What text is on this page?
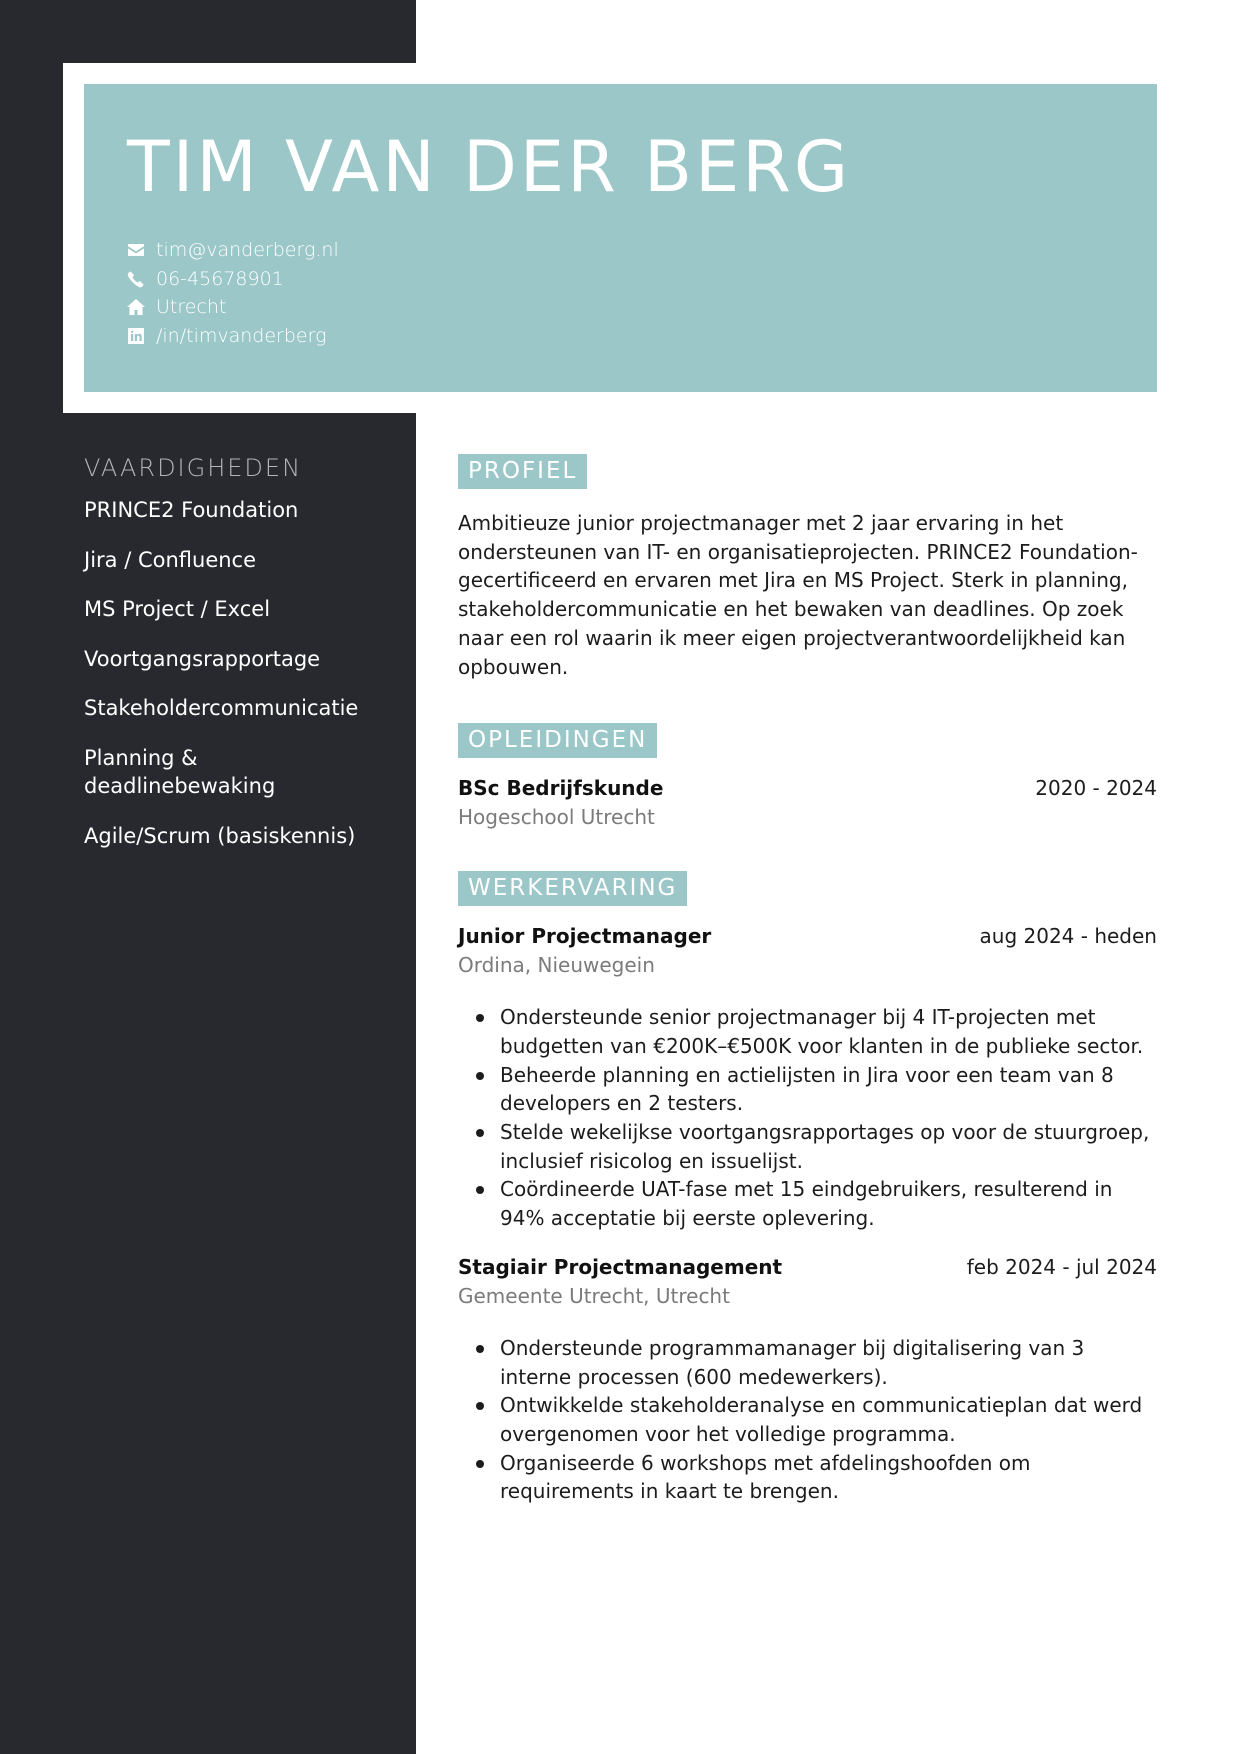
TIM VAN DER BERG
tim@vanderberg.nl
06-45678901
Utrecht
/in/timvanderberg
VAARDIGHEDEN
PRINCE2 Foundation
Jira / Confluence
MS Project / Excel
Voortgangsrapportage
Stakeholdercommunicatie
Planning & deadlinebewaking
Agile/Scrum (basiskennis)
PROFIEL

Ambitieuze junior projectmanager met 2 jaar ervaring in het ondersteunen van IT- en organisatieprojecten. PRINCE2 Foundation-gecertificeerd en ervaren met Jira en MS Project. Sterk in planning, stakeholdercommunicatie en het bewaken van deadlines. Op zoek naar een rol waarin ik meer eigen projectverantwoordelijkheid kan opbouwen.

OPLEIDINGEN
BSc Bedrijfskunde	2020 - 2024
Hogeschool Utrecht
WERKERVARING
Junior Projectmanager	aug 2024 - heden
Ordina, Nieuwegein
Ondersteunde senior projectmanager bij 4 IT-projecten met budgetten van €200K–€500K voor klanten in de publieke sector.
Beheerde planning en actielijsten in Jira voor een team van 8 developers en 2 testers.
Stelde wekelijkse voortgangsrapportages op voor de stuurgroep, inclusief risicolog en issuelijst.
Coördineerde UAT-fase met 15 eindgebruikers, resulterend in 94% acceptatie bij eerste oplevering.
Stagiair Projectmanagement	feb 2024 - jul 2024
Gemeente Utrecht, Utrecht
Ondersteunde programmamanager bij digitalisering van 3 interne processen (600 medewerkers).
Ontwikkelde stakeholderanalyse en communicatieplan dat werd overgenomen voor het volledige programma.
Organiseerde 6 workshops met afdelingshoofden om requirements in kaart te brengen.
